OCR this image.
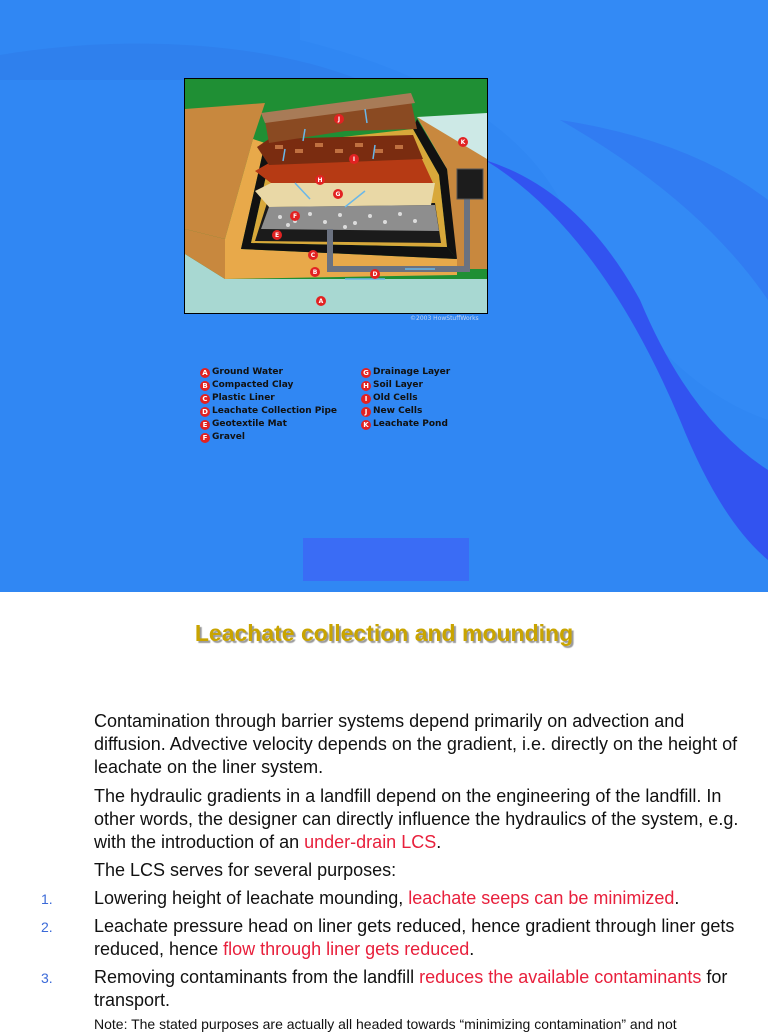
A
B
C
D
E
F
G
H
I
J
K
©2003 HowStuffWorks
A Ground Water
B Compacted Clay
C Plastic Liner
D Leachate Collection Pipe
E Geotextile Mat
F Gravel
G Drainage Layer
H Soil Layer
I Old Cells
J New Cells
K Leachate Pond
Leachate collection and mounding
Contamination through barrier systems depend primarily on advection and diffusion. Advective velocity depends on the gradient, i.e. directly on the height of leachate on the liner system.
The hydraulic gradients in a landfill depend on the engineering of the landfill. In other words, the designer can directly influence the hydraulics of the system, e.g. with the introduction of an under-drain LCS.
The LCS serves for several purposes:
1. Lowering height of leachate mounding, leachate seeps can be minimized.
2. Leachate pressure head on liner gets reduced, hence gradient through liner gets reduced, hence flow through liner gets reduced.
3. Removing contaminants from the landfill reduces the available contaminants for transport.
Note: The stated purposes are actually all headed towards “minimizing contamination” and not
